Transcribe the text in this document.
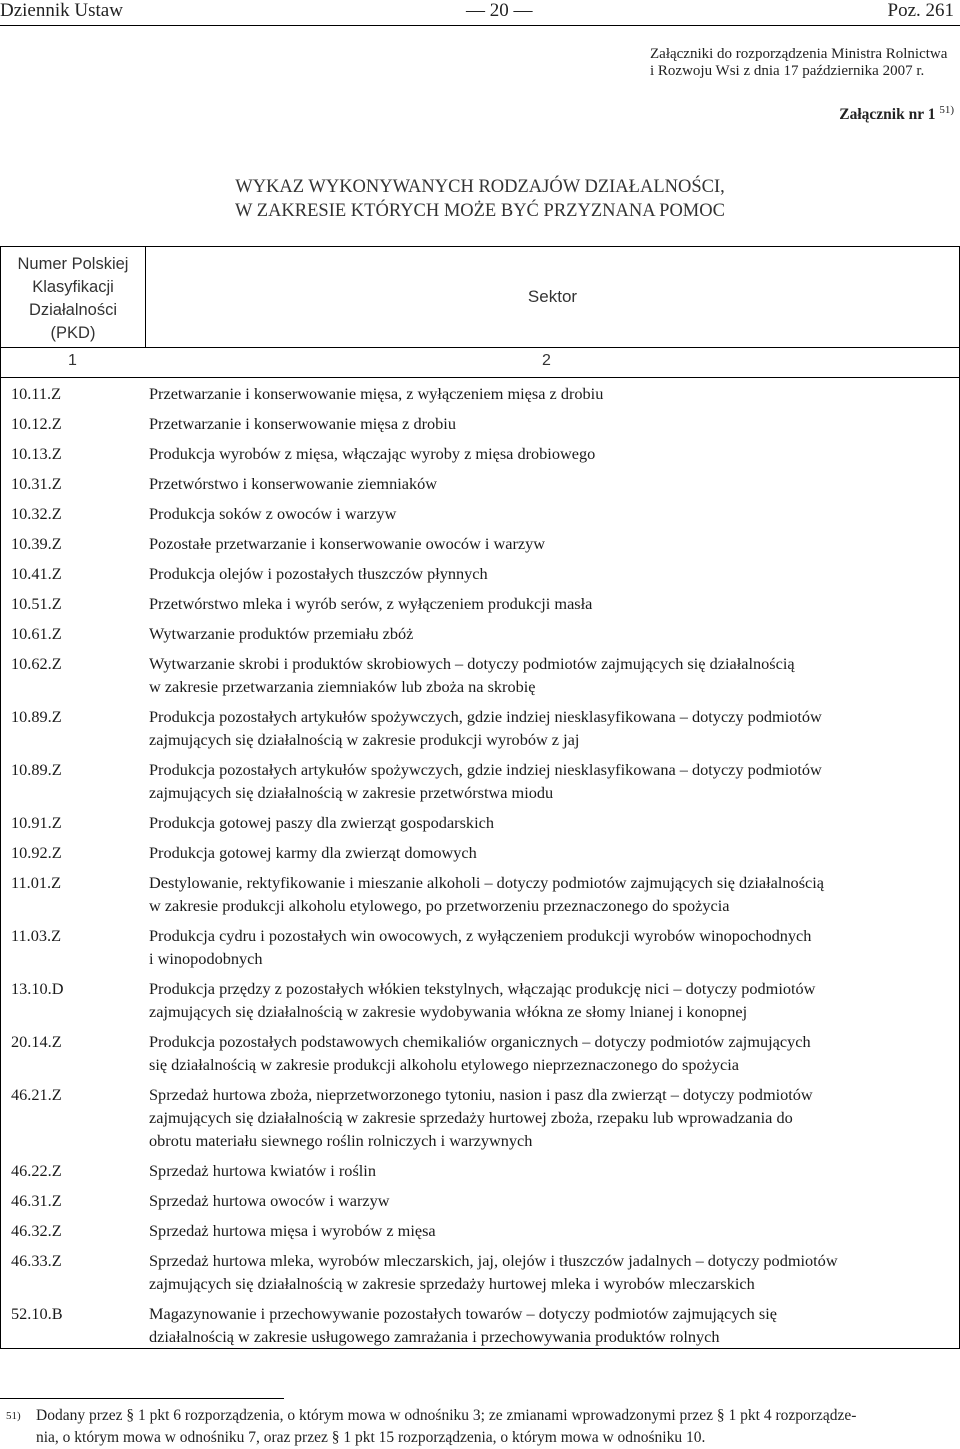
Dziennik Ustaw	— 20 —	Poz. 261
Załączniki do rozporządzenia Ministra Rolnictwa
i Rozwoju Wsi z dnia 17 października 2007 r.
Załącznik nr 1 $^{51)}$
WYKAZ WYKONYWANYCH RODZAJÓW DZIAŁALNOŚCI,
W ZAKRESIE KTÓRYCH MOŻE BYĆ PRZYZNANA POMOC
Numer Polskiej
Klasyfikacji
Działalności
(PKD)
Sektor
1	2
10.11.Z	Przetwarzanie i konserwowanie mięsa, z wyłączeniem mięsa z drobiu
10.12.Z	Przetwarzanie i konserwowanie mięsa z drobiu
10.13.Z	Produkcja wyrobów z mięsa, włączając wyroby z mięsa drobiowego
10.31.Z	Przetwórstwo i konserwowanie ziemniaków
10.32.Z	Produkcja soków z owoców i warzyw
10.39.Z	Pozostałe przetwarzanie i konserwowanie owoców i warzyw
10.41.Z	Produkcja olejów i pozostałych tłuszczów płynnych
10.51.Z	Przetwórstwo mleka i wyrób serów, z wyłączeniem produkcji masła
10.61.Z	Wytwarzanie produktów przemiału zbóż
10.62.Z	Wytwarzanie skrobi i produktów skrobiowych – dotyczy podmiotów zajmujących się działalnością
w zakresie przetwarzania ziemniaków lub zboża na skrobię
10.89.Z	Produkcja pozostałych artykułów spożywczych, gdzie indziej niesklasyfikowana – dotyczy podmiotów
zajmujących się działalnością w zakresie produkcji wyrobów z jaj
10.89.Z	Produkcja pozostałych artykułów spożywczych, gdzie indziej niesklasyfikowana – dotyczy podmiotów
zajmujących się działalnością w zakresie przetwórstwa miodu
10.91.Z	Produkcja gotowej paszy dla zwierząt gospodarskich
10.92.Z	Produkcja gotowej karmy dla zwierząt domowych
11.01.Z	Destylowanie, rektyfikowanie i mieszanie alkoholi – dotyczy podmiotów zajmujących się działalnością
w zakresie produkcji alkoholu etylowego, po przetworzeniu przeznaczonego do spożycia
11.03.Z	Produkcja cydru i pozostałych win owocowych, z wyłączeniem produkcji wyrobów winopochodnych
i winopodobnych
13.10.D	Produkcja przędzy z pozostałych włókien tekstylnych, włączając produkcję nici – dotyczy podmiotów
zajmujących się działalnością w zakresie wydobywania włókna ze słomy lnianej i konopnej
20.14.Z	Produkcja pozostałych podstawowych chemikaliów organicznych – dotyczy podmiotów zajmujących
się działalnością w zakresie produkcji alkoholu etylowego nieprzeznaczonego do spożycia
46.21.Z	Sprzedaż hurtowa zboża, nieprzetworzonego tytoniu, nasion i pasz dla zwierząt – dotyczy podmiotów
zajmujących się działalnością w zakresie sprzedaży hurtowej zboża, rzepaku lub wprowadzania do
obrotu materiału siewnego roślin rolniczych i warzywnych
46.22.Z	Sprzedaż hurtowa kwiatów i roślin
46.31.Z	Sprzedaż hurtowa owoców i warzyw
46.32.Z	Sprzedaż hurtowa mięsa i wyrobów z mięsa
46.33.Z	Sprzedaż hurtowa mleka, wyrobów mleczarskich, jaj, olejów i tłuszczów jadalnych – dotyczy podmiotów
zajmujących się działalnością w zakresie sprzedaży hurtowej mleka i wyrobów mleczarskich
52.10.B	Magazynowanie i przechowywanie pozostałych towarów – dotyczy podmiotów zajmujących się
działalnością w zakresie usługowego zamrażania i przechowywania produktów rolnych
51) Dodany przez § 1 pkt 6 rozporządzenia, o którym mowa w odnośniku 3; ze zmianami wprowadzonymi przez § 1 pkt 4 rozporządze-
nia, o którym mowa w odnośniku 7, oraz przez § 1 pkt 15 rozporządzenia, o którym mowa w odnośniku 10.
